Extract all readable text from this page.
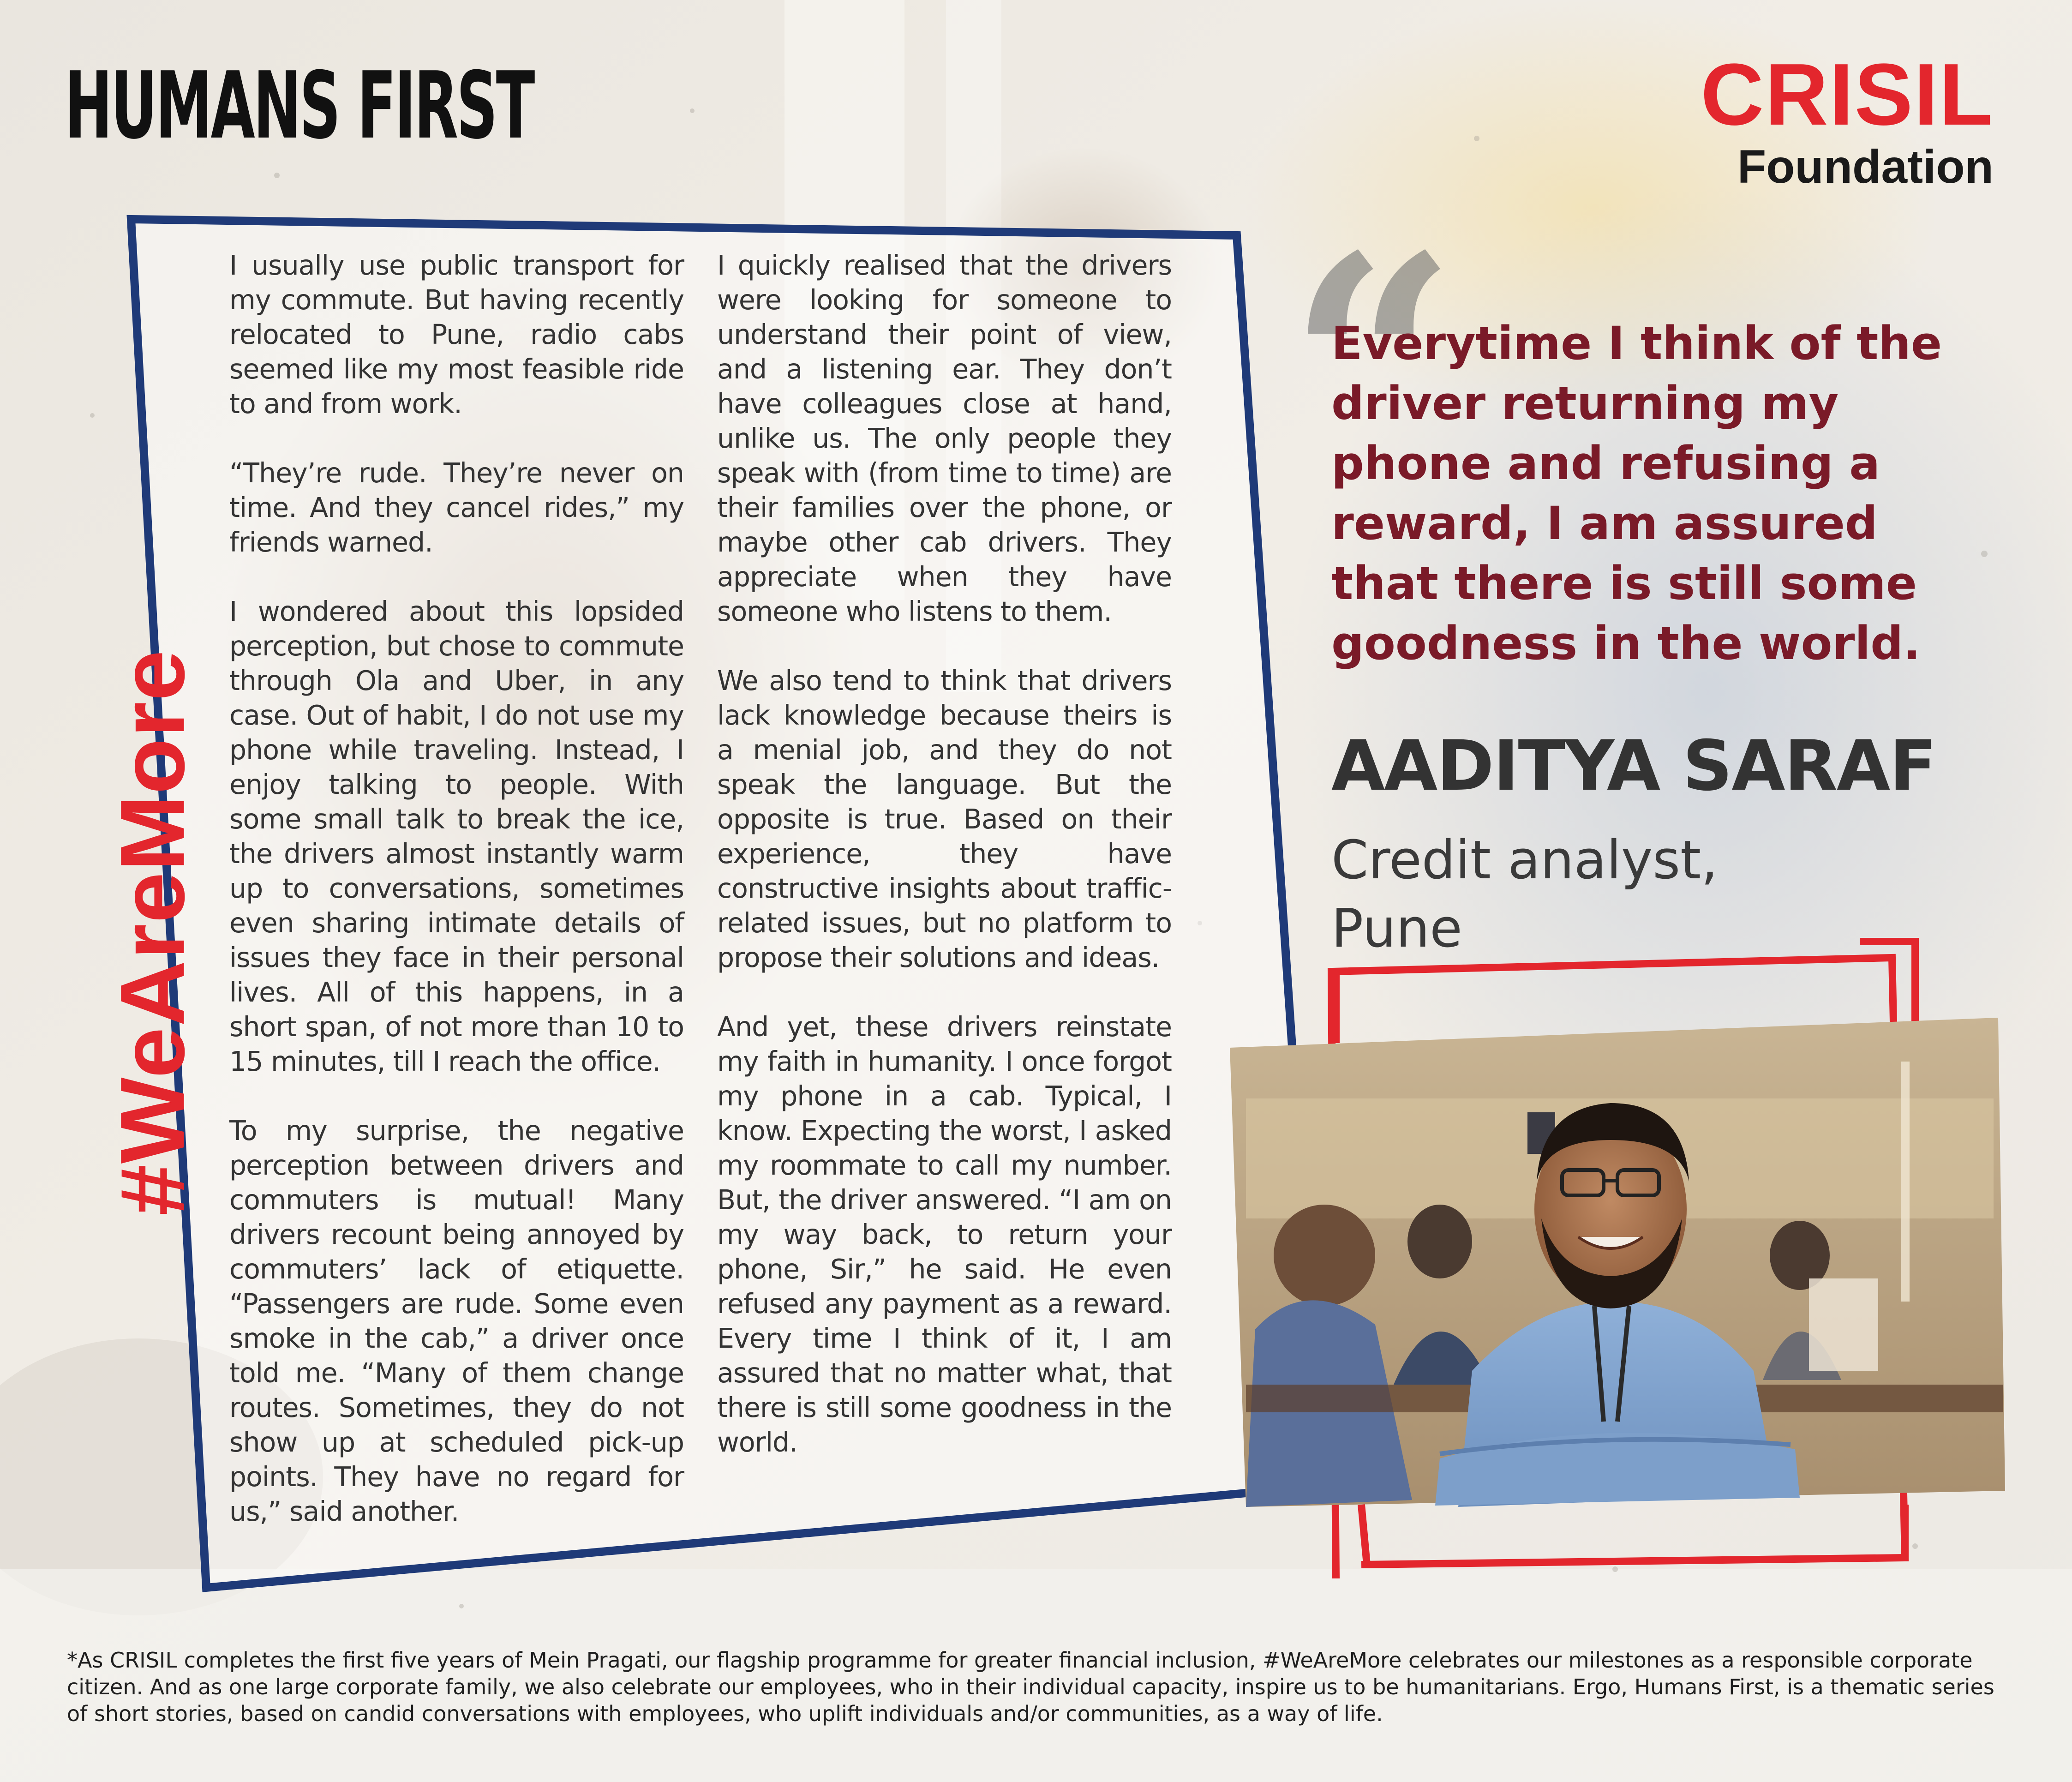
HUMANS FIRST	CRISIL
Foundation
#WeAreMore

I usually use public transport for my commute. But having recently relocated to Pune, radio cabs seemed like my most feasible ride to and from work.

“They’re rude. They’re never on time. And they cancel rides,” my friends warned.

I wondered about this lopsided perception, but chose to commute through Ola and Uber, in any case. Out of habit, I do not use my phone while traveling. Instead, I enjoy talking to people. With some small talk to break the ice, the drivers almost instantly warm up to conversations, sometimes even sharing intimate details of issues they face in their personal lives. All of this happens, in a short span, of not more than 10 to 15 minutes, till I reach the office.

To my surprise, the negative perception between drivers and commuters is mutual! Many drivers recount being annoyed by commuters’ lack of etiquette. “Passengers are rude. Some even smoke in the cab,” a driver once told me. “Many of them change routes. Sometimes, they do not show up at scheduled pick-up points. They have no regard for us,” said another.

I quickly realised that the drivers were looking for someone to understand their point of view, and a listening ear. They don’t have colleagues close at hand, unlike us. The only people they speak with (from time to time) are their families over the phone, or maybe other cab drivers. They appreciate when they have someone who listens to them.

We also tend to think that drivers lack knowledge because theirs is a menial job, and they do not speak the language. But the opposite is true. Based on their experience, they have constructive insights about traffic-related issues, but no platform to propose their solutions and ideas.

And yet, these drivers reinstate my faith in humanity. I once forgot my phone in a cab. Typical, I know. Expecting the worst, I asked my roommate to call my number. But, the driver answered. “I am on my way back, to return your phone, Sir,” he said. He even refused any payment as a reward. Every time I think of it, I am assured that no matter what, that there is still some goodness in the world.

“
Everytime I think of the driver returning my phone and refusing a reward, I am assured that there is still some goodness in the world.
AADITYA SARAF
Credit analyst,
Pune
*As CRISIL completes the first five years of Mein Pragati, our flagship programme for greater financial inclusion, #WeAreMore celebrates our milestones as a responsible corporate citizen. And as one large corporate family, we also celebrate our employees, who in their individual capacity, inspire us to be humanitarians. Ergo, Humans First, is a thematic series of short stories, based on candid conversations with employees, who uplift individuals and/or communities, as a way of life.
